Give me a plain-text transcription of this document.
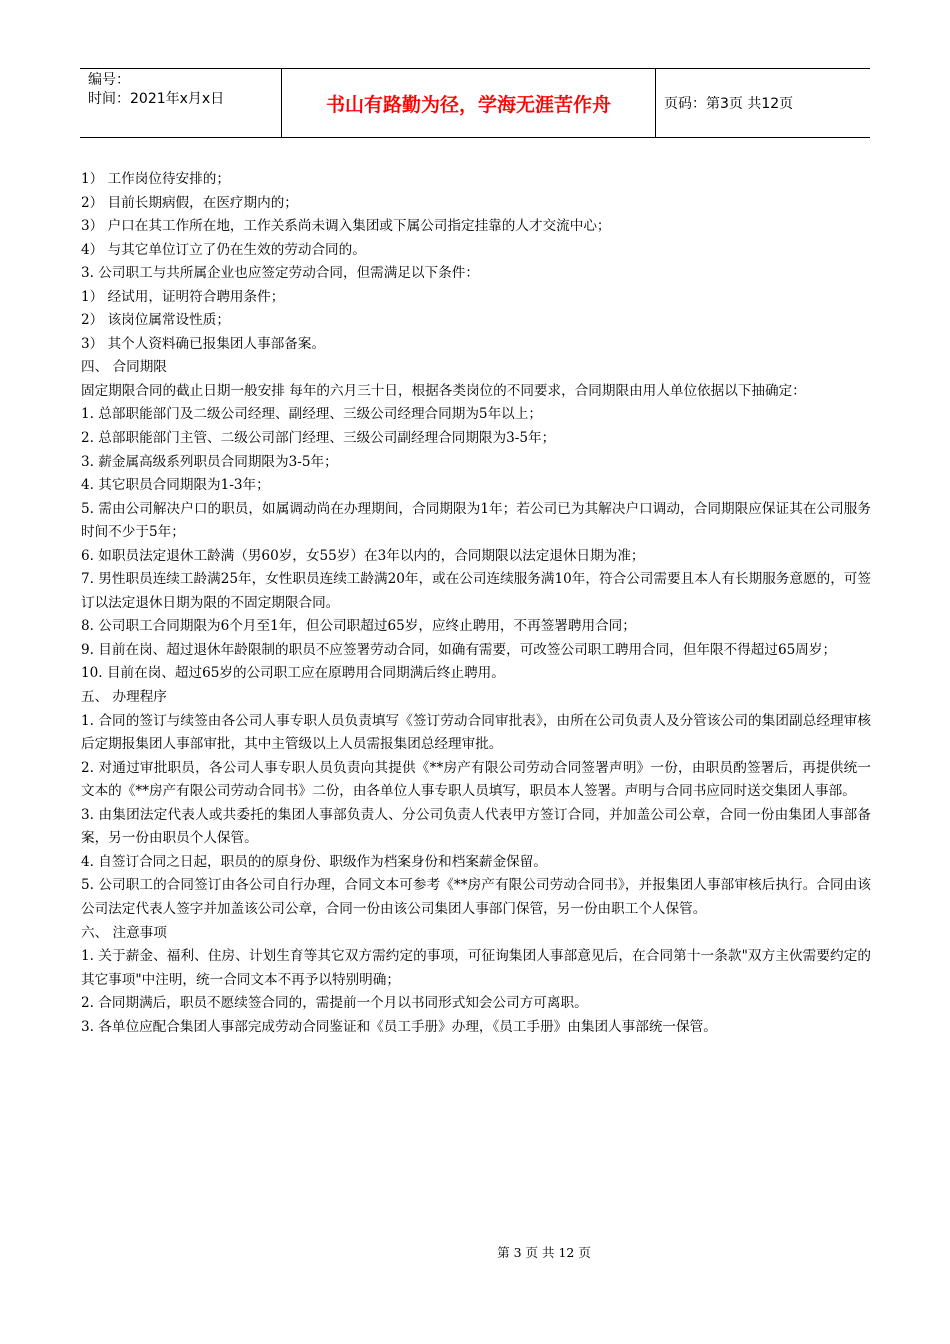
编号：
时间：2021年x月x日	书山有路勤为径，学海无涯苦作舟	页码：第3页 共12页

1） 工作岗位待安排的；

2） 目前长期病假，在医疗期内的；

3） 户口在其工作所在地，工作关系尚未调入集团或下属公司指定挂靠的人才交流中心；

4） 与其它单位订立了仍在生效的劳动合同的。

3. 公司职工与共所属企业也应签定劳动合同，但需满足以下条件：

1） 经试用，证明符合聘用条件；

2） 该岗位属常设性质；

3） 其个人资料确已报集团人事部备案。

四、 合同期限

固定期限合同的截止日期一般安排 每年的六月三十日，根据各类岗位的不同要求，合同期限由用人单位依据以下抽确定：

1. 总部职能部门及二级公司经理、副经理、三级公司经理合同期为5年以上；

2. 总部职能部门主管、二级公司部门经理、三级公司副经理合同期限为3-5年；

3. 薪金属高级系列职员合同期限为3-5年；

4. 其它职员合同期限为1-3年；

5. 需由公司解决户口的职员，如属调动尚在办理期间，合同期限为1年；若公司已为其解决户口调动，合同期限应保证其在公司服务时间不少于5年；

6. 如职员法定退休工龄满（男60岁，女55岁）在3年以内的，合同期限以法定退休日期为准；

7. 男性职员连续工龄满25年，女性职员连续工龄满20年，或在公司连续服务满10年，符合公司需要且本人有长期服务意愿的，可签订以法定退休日期为限的不固定期限合同。

8. 公司职工合同期限为6个月至1年，但公司职超过65岁，应终止聘用，不再签署聘用合同；

9. 目前在岗、超过退休年龄限制的职员不应签署劳动合同，如确有需要，可改签公司职工聘用合同，但年限不得超过65周岁；

10. 目前在岗、超过65岁的公司职工应在原聘用合同期满后终止聘用。

五、 办理程序

1. 合同的签订与续签由各公司人事专职人员负责填写《签订劳动合同审批表》，由所在公司负责人及分管该公司的集团副总经理审核后定期报集团人事部审批，其中主管级以上人员需报集团总经理审批。

2. 对通过审批职员，各公司人事专职人员负责向其提供《**房产有限公司劳动合同签署声明》一份，由职员酌签署后，再提供统一文本的《**房产有限公司劳动合同书》二份，由各单位人事专职人员填写，职员本人签署。声明与合同书应同时送交集团人事部。

3. 由集团法定代表人或共委托的集团人事部负责人、分公司负责人代表甲方签订合同，并加盖公司公章，合同一份由集团人事部备案，另一份由职员个人保管。

4. 自签订合同之日起，职员的的原身份、职级作为档案身份和档案薪金保留。

5. 公司职工的合同签订由各公司自行办理，合同文本可参考《**房产有限公司劳动合同书》，并报集团人事部审核后执行。合同由该公司法定代表人签字并加盖该公司公章，合同一份由该公司集团人事部门保管，另一份由职工个人保管。

六、 注意事项

1. 关于薪金、福利、住房、计划生育等其它双方需约定的事项，可征询集团人事部意见后，在合同第十一条款"双方主伙需要约定的其它事项"中注明，统一合同文本不再予以特别明确；

2. 合同期满后，职员不愿续签合同的，需提前一个月以书同形式知会公司方可离职。

3. 各单位应配合集团人事部完成劳动合同鉴证和《员工手册》办理，《员工手册》由集团人事部统一保管。

第 3 页 共 12 页
